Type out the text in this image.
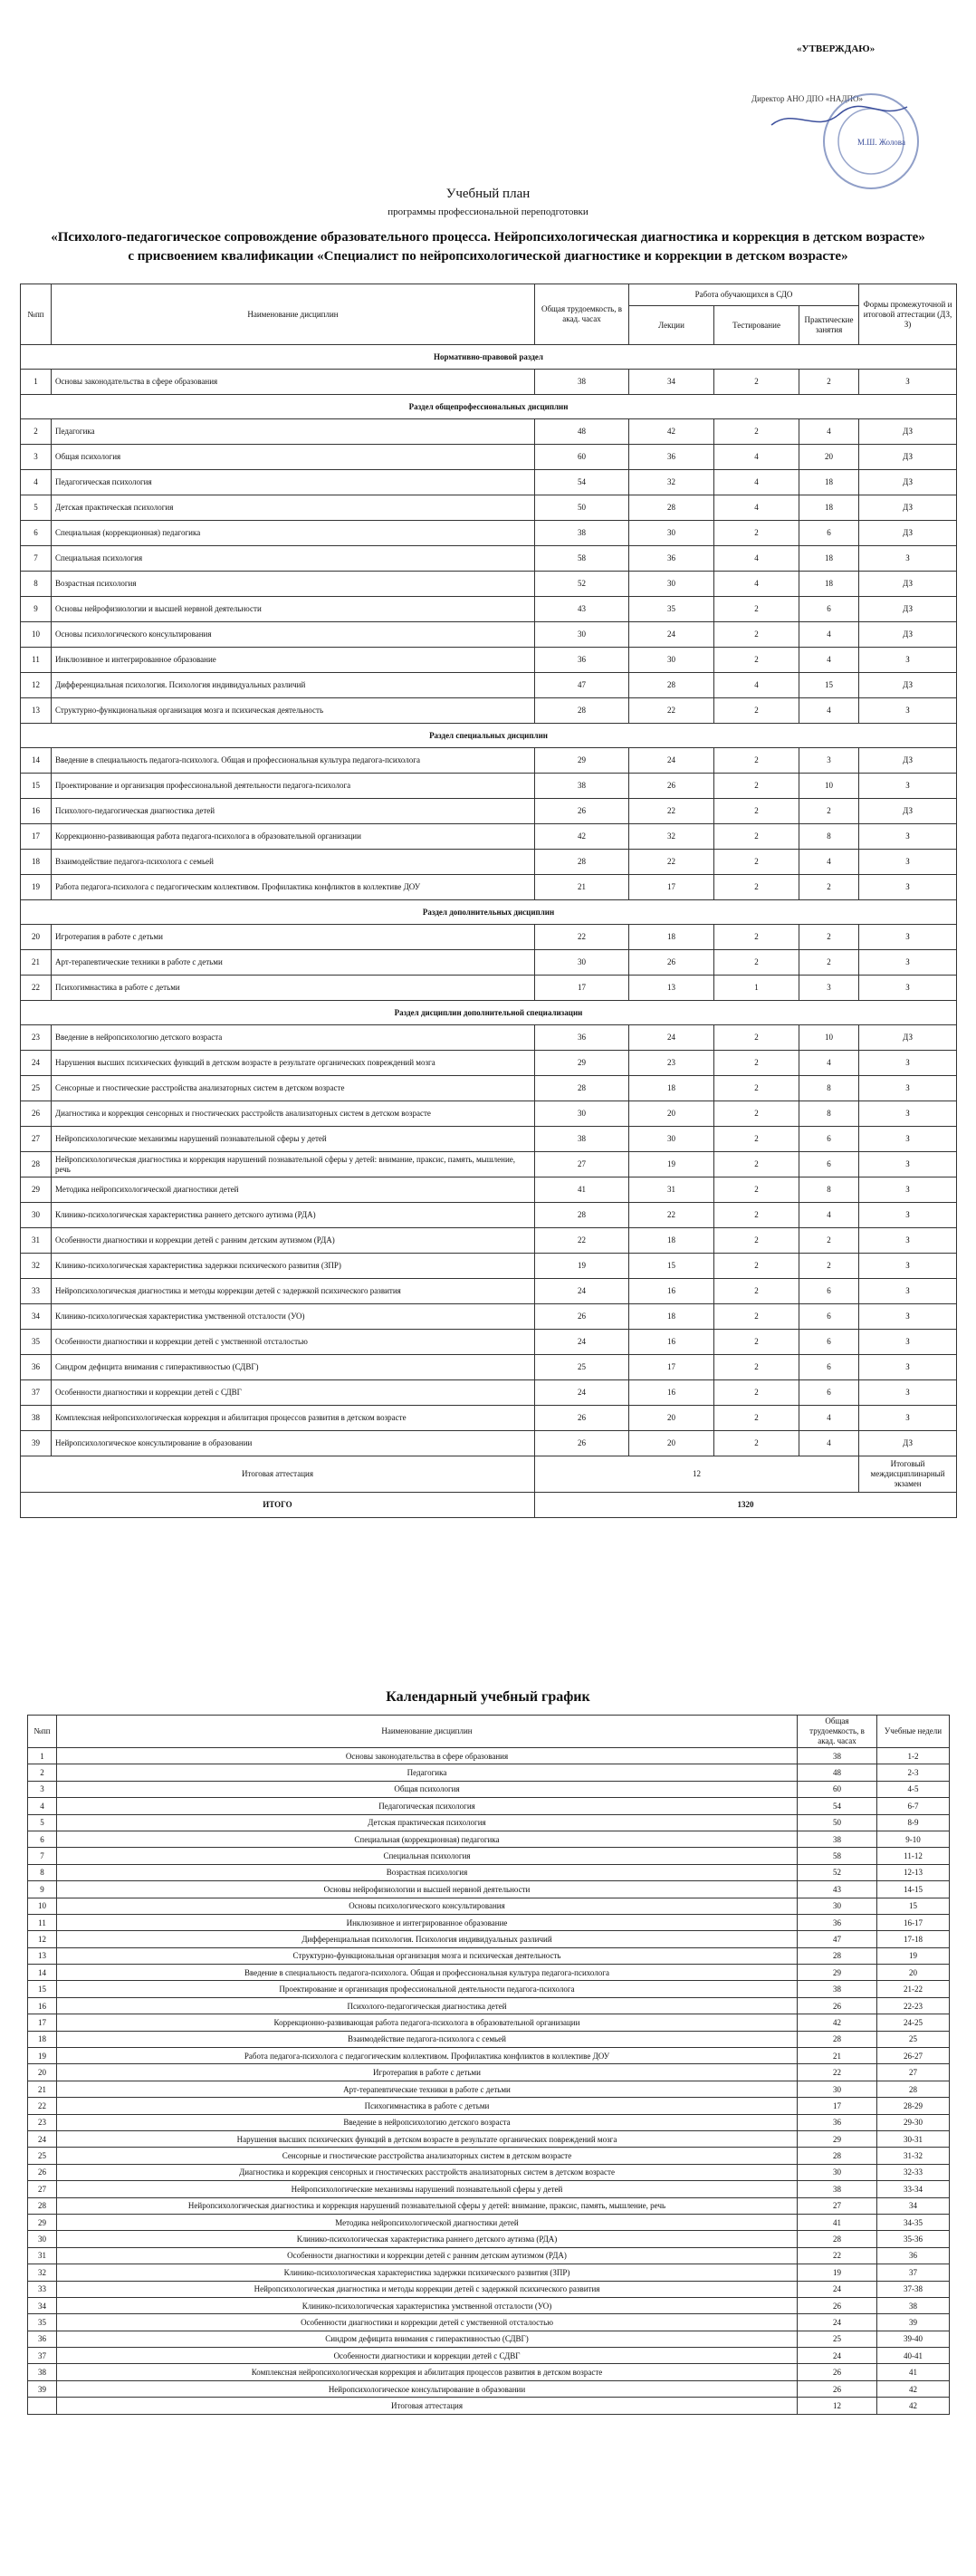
«УТВЕРЖДАЮ»
Директор АНО ДПО «НАДПО»
М.Ш. Жолова
Учебный план
программы профессиональной переподготовки
«Психолого-педагогическое сопровождение образовательного процесса. Нейропсихологическая диагностика и коррекция в детском возрасте» с присвоением квалификации «Специалист по нейропсихологической диагностике и коррекции в детском возрасте»
№пп	Наименование дисциплин	Общая трудоемкость, в акад. часах	Работа обучающихся в СДО			Формы промежуточной и итоговой аттестации (ДЗ, З)
			Лекции	Тестирование	Практические занятия	
Нормативно-правовой раздел						
1	Основы законодательства в сфере образования	38	34	2	2	З
Раздел общепрофессиональных дисциплин						
2	Педагогика	48	42	2	4	ДЗ
3	Общая психология	60	36	4	20	ДЗ
4	Педагогическая психология	54	32	4	18	ДЗ
5	Детская практическая психология	50	28	4	18	ДЗ
6	Специальная (коррекционная) педагогика	38	30	2	6	ДЗ
7	Специальная психология	58	36	4	18	З
8	Возрастная психология	52	30	4	18	ДЗ
9	Основы нейрофизиологии и высшей нервной деятельности	43	35	2	6	ДЗ
10	Основы психологического консультирования	30	24	2	4	ДЗ
11	Инклюзивное и интегрированное образование	36	30	2	4	З
12	Дифференциальная психология. Психология индивидуальных различий	47	28	4	15	ДЗ
13	Структурно-функциональная организация мозга и психическая деятельность	28	22	2	4	З
Раздел специальных дисциплин						
14	Введение в специальность педагога-психолога. Общая и профессиональная культура педагога-психолога	29	24	2	3	ДЗ
15	Проектирование и организация профессиональной деятельности педагога-психолога	38	26	2	10	З
16	Психолого-педагогическая диагностика детей	26	22	2	2	ДЗ
17	Коррекционно-развивающая работа педагога-психолога в образовательной организации	42	32	2	8	З
18	Взаимодействие педагога-психолога с семьей	28	22	2	4	З
19	Работа педагога-психолога с педагогическим коллективом. Профилактика конфликтов в коллективе ДОУ	21	17	2	2	З
Раздел дополнительных дисциплин						
20	Игротерапия в работе с детьми	22	18	2	2	З
21	Арт-терапевтические техники в работе с детьми	30	26	2	2	З
22	Психогимнастика в работе с детьми	17	13	1	3	З
Раздел дисциплин дополнительной специализации						
23	Введение в нейропсихологию детского возраста	36	24	2	10	ДЗ
24	Нарушения высших психических функций в детском возрасте в результате органических повреждений мозга	29	23	2	4	З
25	Сенсорные и гностические расстройства анализаторных систем в детском возрасте	28	18	2	8	З
26	Диагностика и коррекция сенсорных и гностических расстройств анализаторных систем в детском возрасте	30	20	2	8	З
27	Нейропсихологические механизмы нарушений познавательной сферы у детей	38	30	2	6	З
28	Нейропсихологическая диагностика и коррекция нарушений познавательной сферы у детей: внимание, праксис, память, мышление, речь	27	19	2	6	З
29	Методика нейропсихологической диагностики детей	41	31	2	8	З
30	Клинико-психологическая характеристика раннего детского аутизма (РДА)	28	22	2	4	З
31	Особенности диагностики и коррекции детей с ранним детским аутизмом (РДА)	22	18	2	2	З
32	Клинико-психологическая характеристика задержки психического развития (ЗПР)	19	15	2	2	З
33	Нейропсихологическая диагностика и методы коррекции детей с задержкой психического развития	24	16	2	6	З
34	Клинико-психологическая характеристика умственной отсталости (УО)	26	18	2	6	З
35	Особенности диагностики и коррекции детей с умственной отсталостью	24	16	2	6	З
36	Синдром дефицита внимания с гиперактивностью (СДВГ)	25	17	2	6	З
37	Особенности диагностики и коррекции детей с СДВГ	24	16	2	6	З
38	Комплексная нейропсихологическая коррекция и абилитация процессов развития в детском возрасте	26	20	2	4	З
39	Нейропсихологическое консультирование в образовании	26	20	2	4	ДЗ
Итоговая аттестация		12				Итоговый междисциплинарный экзамен
ИТОГО		1320				
Календарный учебный график
№пп	Наименование дисциплин	Общая трудоемкость, в акад. часах	Учебные недели
1	Основы законодательства в сфере образования	38	1-2
2	Педагогика	48	2-3
3	Общая психология	60	4-5
4	Педагогическая психология	54	6-7
5	Детская практическая психология	50	8-9
6	Специальная (коррекционная) педагогика	38	9-10
7	Специальная психология	58	11-12
8	Возрастная психология	52	12-13
9	Основы нейрофизиологии и высшей нервной деятельности	43	14-15
10	Основы психологического консультирования	30	15
11	Инклюзивное и интегрированное образование	36	16-17
12	Дифференциальная психология. Психология индивидуальных различий	47	17-18
13	Структурно-функциональная организация мозга и психическая деятельность	28	19
14	Введение в специальность педагога-психолога. Общая и профессиональная культура педагога-психолога	29	20
15	Проектирование и организация профессиональной деятельности педагога-психолога	38	21-22
16	Психолого-педагогическая диагностика детей	26	22-23
17	Коррекционно-развивающая работа педагога-психолога в образовательной организации	42	24-25
18	Взаимодействие педагога-психолога с семьей	28	25
19	Работа педагога-психолога с педагогическим коллективом. Профилактика конфликтов в коллективе ДОУ	21	26-27
20	Игротерапия в работе с детьми	22	27
21	Арт-терапевтические техники в работе с детьми	30	28
22	Психогимнастика в работе с детьми	17	28-29
23	Введение в нейропсихологию детского возраста	36	29-30
24	Нарушения высших психических функций в детском возрасте в результате органических повреждений мозга	29	30-31
25	Сенсорные и гностические расстройства анализаторных систем в детском возрасте	28	31-32
26	Диагностика и коррекция сенсорных и гностических расстройств анализаторных систем в детском возрасте	30	32-33
27	Нейропсихологические механизмы нарушений познавательной сферы у детей	38	33-34
28	Нейропсихологическая диагностика и коррекция нарушений познавательной сферы у детей: внимание, праксис, память, мышление, речь	27	34
29	Методика нейропсихологической диагностики детей	41	34-35
30	Клинико-психологическая характеристика раннего детского аутизма (РДА)	28	35-36
31	Особенности диагностики и коррекции детей с ранним детским аутизмом (РДА)	22	36
32	Клинико-психологическая характеристика задержки психического развития (ЗПР)	19	37
33	Нейропсихологическая диагностика и методы коррекции детей с задержкой психического развития	24	37-38
34	Клинико-психологическая характеристика умственной отсталости (УО)	26	38
35	Особенности диагностики и коррекции детей с умственной отсталостью	24	39
36	Синдром дефицита внимания с гиперактивностью (СДВГ)	25	39-40
37	Особенности диагностики и коррекции детей с СДВГ	24	40-41
38	Комплексная нейропсихологическая коррекция и абилитация процессов развития в детском возрасте	26	41
39	Нейропсихологическое консультирование в образовании	26	42
	Итоговая аттестация	12	42
